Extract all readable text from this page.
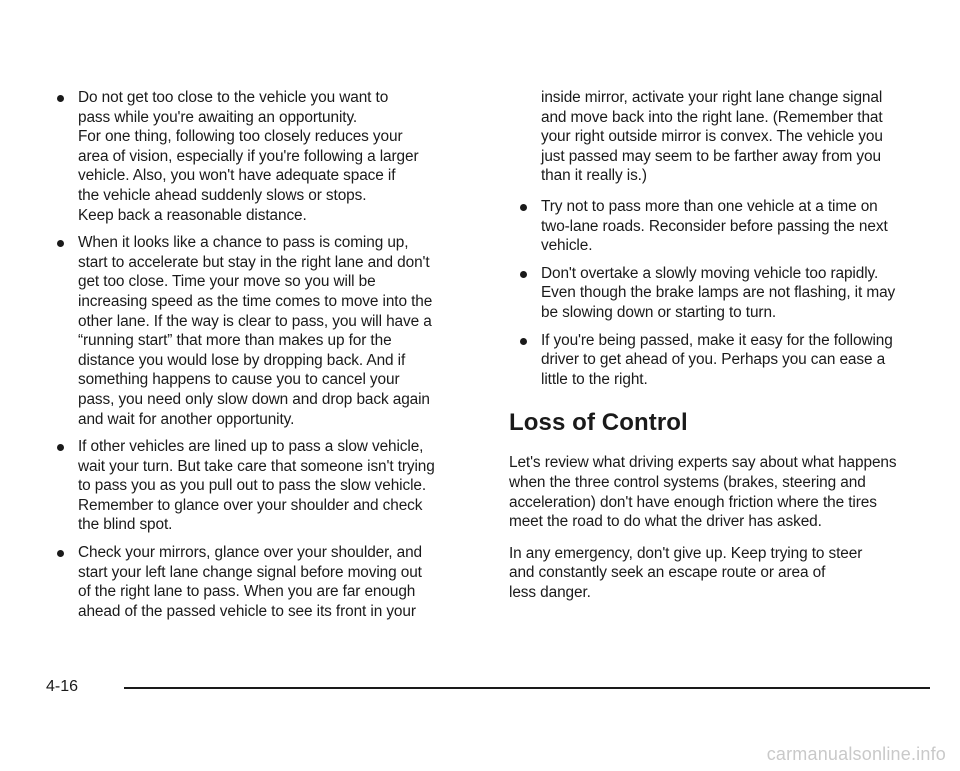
Do not get too close to the vehicle you want to
pass while you're awaiting an opportunity.
For one thing, following too closely reduces your
area of vision, especially if you're following a larger
vehicle. Also, you won't have adequate space if
the vehicle ahead suddenly slows or stops.
Keep back a reasonable distance.
When it looks like a chance to pass is coming up,
start to accelerate but stay in the right lane and don't
get too close. Time your move so you will be
increasing speed as the time comes to move into the
other lane. If the way is clear to pass, you will have a
“running start” that more than makes up for the
distance you would lose by dropping back. And if
something happens to cause you to cancel your
pass, you need only slow down and drop back again
and wait for another opportunity.
If other vehicles are lined up to pass a slow vehicle,
wait your turn. But take care that someone isn't trying
to pass you as you pull out to pass the slow vehicle.
Remember to glance over your shoulder and check
the blind spot.
Check your mirrors, glance over your shoulder, and
start your left lane change signal before moving out
of the right lane to pass. When you are far enough
ahead of the passed vehicle to see its front in your
inside mirror, activate your right lane change signal
and move back into the right lane. (Remember that
your right outside mirror is convex. The vehicle you
just passed may seem to be farther away from you
than it really is.)
Try not to pass more than one vehicle at a time on
two-lane roads. Reconsider before passing the next
vehicle.
Don't overtake a slowly moving vehicle too rapidly.
Even though the brake lamps are not flashing, it may
be slowing down or starting to turn.
If you're being passed, make it easy for the following
driver to get ahead of you. Perhaps you can ease a
little to the right.
Loss of Control
Let's review what driving experts say about what happens
when the three control systems (brakes, steering and
acceleration) don't have enough friction where the tires
meet the road to do what the driver has asked.
In any emergency, don't give up. Keep trying to steer
and constantly seek an escape route or area of
less danger.
4-16
carmanualsonline.info
